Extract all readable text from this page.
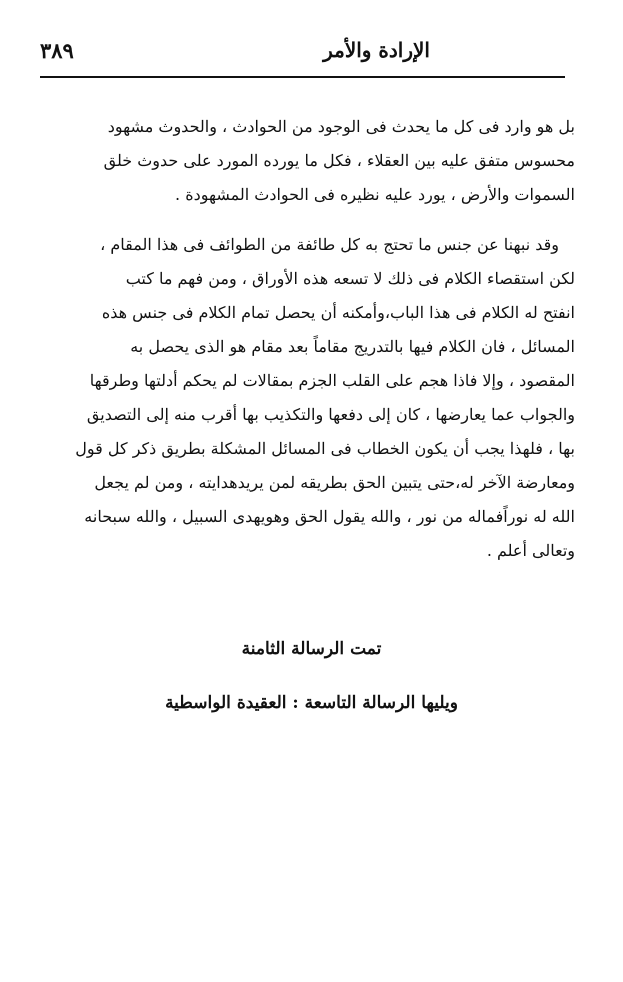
الإرادة والأمر
٣٨٩
بل هو وارد فى كل ما يحدث فى الوجود من الحوادث ، والحدوث مشهود
محسوس متفق عليه بين العقلاء ، فكل ما يورده المورد على حدوث خلق
السموات والأرض ، يورد عليه نظيره فى الحوادث المشهودة .
وقد نبهنا عن جنس ما تحتج به كل طائفة من الطوائف فى هذا المقام ،
لكن استقصاء الكلام فى ذلك لا تسعه هذه الأوراق ، ومن فهم ما كتب
انفتح له الكلام فى هذا الباب،وأمكنه أن يحصل تمام الكلام فى جنس هذه
المسائل ، فان الكلام فيها بالتدريج مقاماً بعد مقام هو الذى يحصل به
المقصود ، وإلا فاذا هجم على القلب الجزم بمقالات لم يحكم أدلتها وطرقها
والجواب عما يعارضها ، كان إلى دفعها والتكذيب بها أقرب منه إلى التصديق
بها ، فلهذا يجب أن يكون الخطاب فى المسائل المشكلة بطريق ذكر كل قول
ومعارضة الآخر له،حتى يتبين الحق بطريقه لمن يريدهدايته ، ومن لم يجعل
الله له نوراًفماله من نور ، والله يقول الحق وهويهدى السبيل ، والله سبحانه
وتعالى أعلم .
تمت الرسالة الثامنة
ويليها الرسالة التاسعة : العقيدة الواسطية
